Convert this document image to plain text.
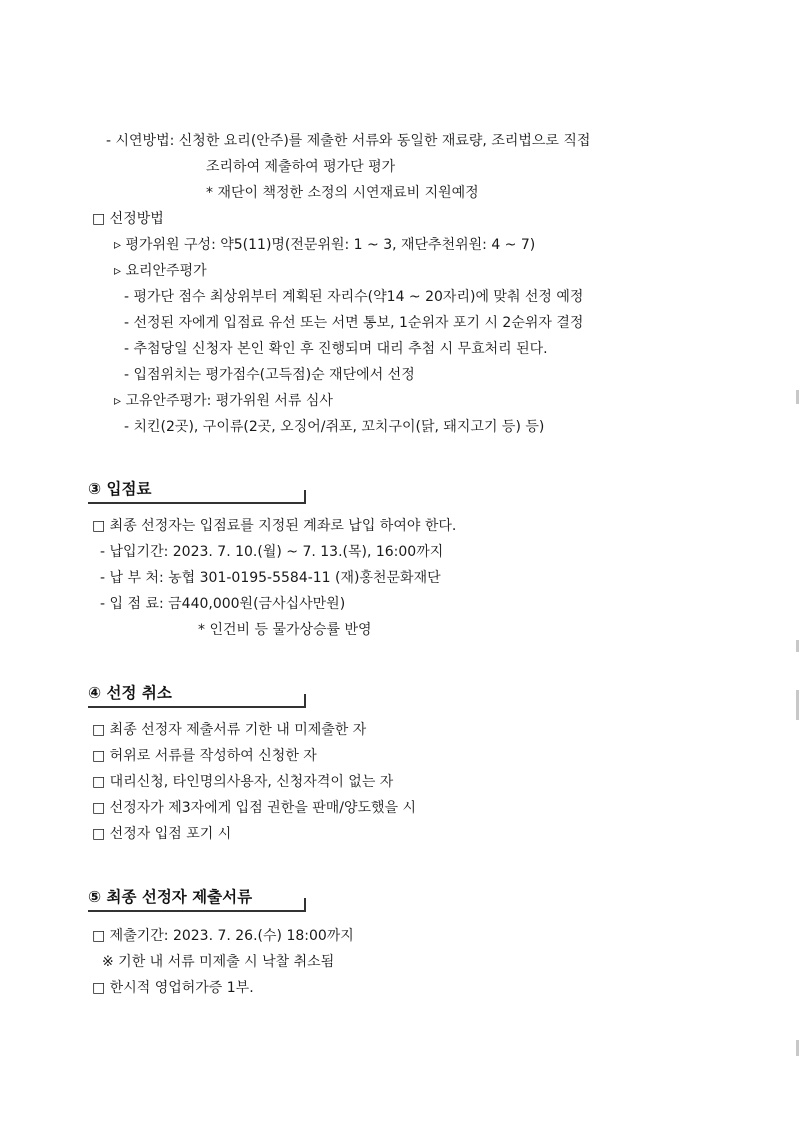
- 시연방법: 신청한 요리(안주)를 제출한 서류와 동일한 재료량, 조리법으로 직접
조리하여 제출하여 평가단 평가
* 재단이 책정한 소정의 시연재료비 지원예정
□ 선정방법
▹ 평가위원 구성: 약5(11)명(전문위원: 1 ~ 3, 재단추천위원: 4 ~ 7)
▹ 요리안주평가
- 평가단 점수 최상위부터 계획된 자리수(약14 ~ 20자리)에 맞춰 선정 예정
- 선정된 자에게 입점료 유선 또는 서면 통보, 1순위자 포기 시 2순위자 결정
- 추첨당일 신청자 본인 확인 후 진행되며 대리 추첨 시 무효처리 된다.
- 입점위치는 평가점수(고득점)순 재단에서 선정
▹ 고유안주평가: 평가위원 서류 심사
- 치킨(2곳), 구이류(2곳, 오징어/쥐포, 꼬치구이(닭, 돼지고기 등) 등)
③ 입점료
□ 최종 선정자는 입점료를 지정된 계좌로 납입 하여야 한다.
- 납입기간: 2023. 7. 10.(월) ~ 7. 13.(목), 16:00까지
- 납 부 처: 농협 301-0195-5584-11 (재)홍천문화재단
- 입 점 료: 금440,000원(금사십사만원)
* 인건비 등 물가상승률 반영
④ 선정 취소
□ 최종 선정자 제출서류 기한 내 미제출한 자
□ 허위로 서류를 작성하여 신청한 자
□ 대리신청, 타인명의사용자, 신청자격이 없는 자
□ 선정자가 제3자에게 입점 권한을 판매/양도했을 시
□ 선정자 입점 포기 시
⑤ 최종 선정자 제출서류
□ 제출기간: 2023. 7. 26.(수) 18:00까지
※ 기한 내 서류 미제출 시 낙찰 취소됨
□ 한시적 영업허가증 1부.
